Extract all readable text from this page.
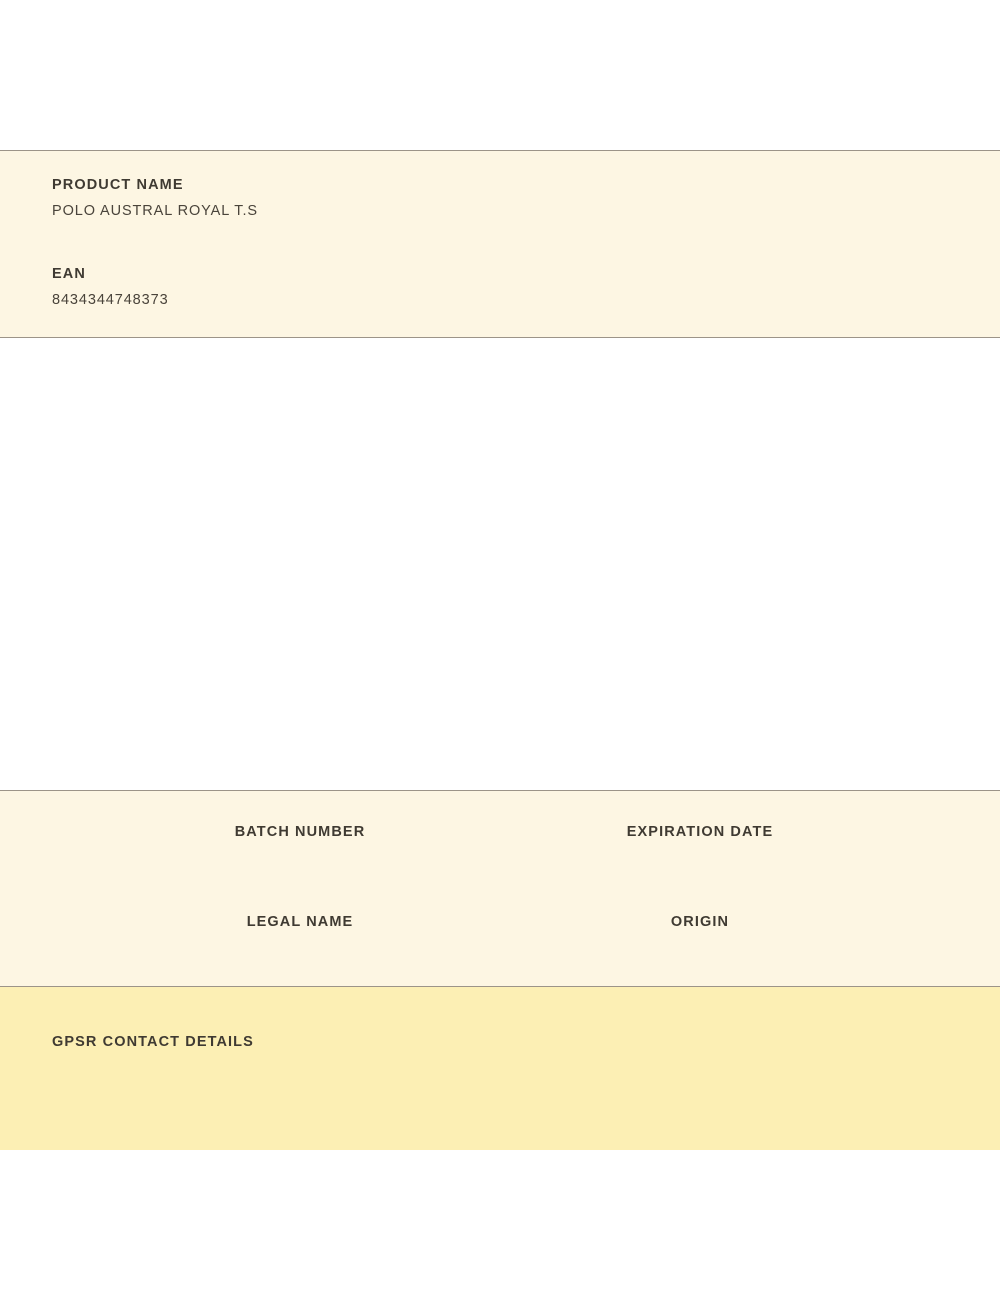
PRODUCT NAME
POLO AUSTRAL ROYAL T.S
EAN
8434344748373
BATCH NUMBER	EXPIRATION DATE
LEGAL NAME	ORIGIN
GPSR CONTACT DETAILS
